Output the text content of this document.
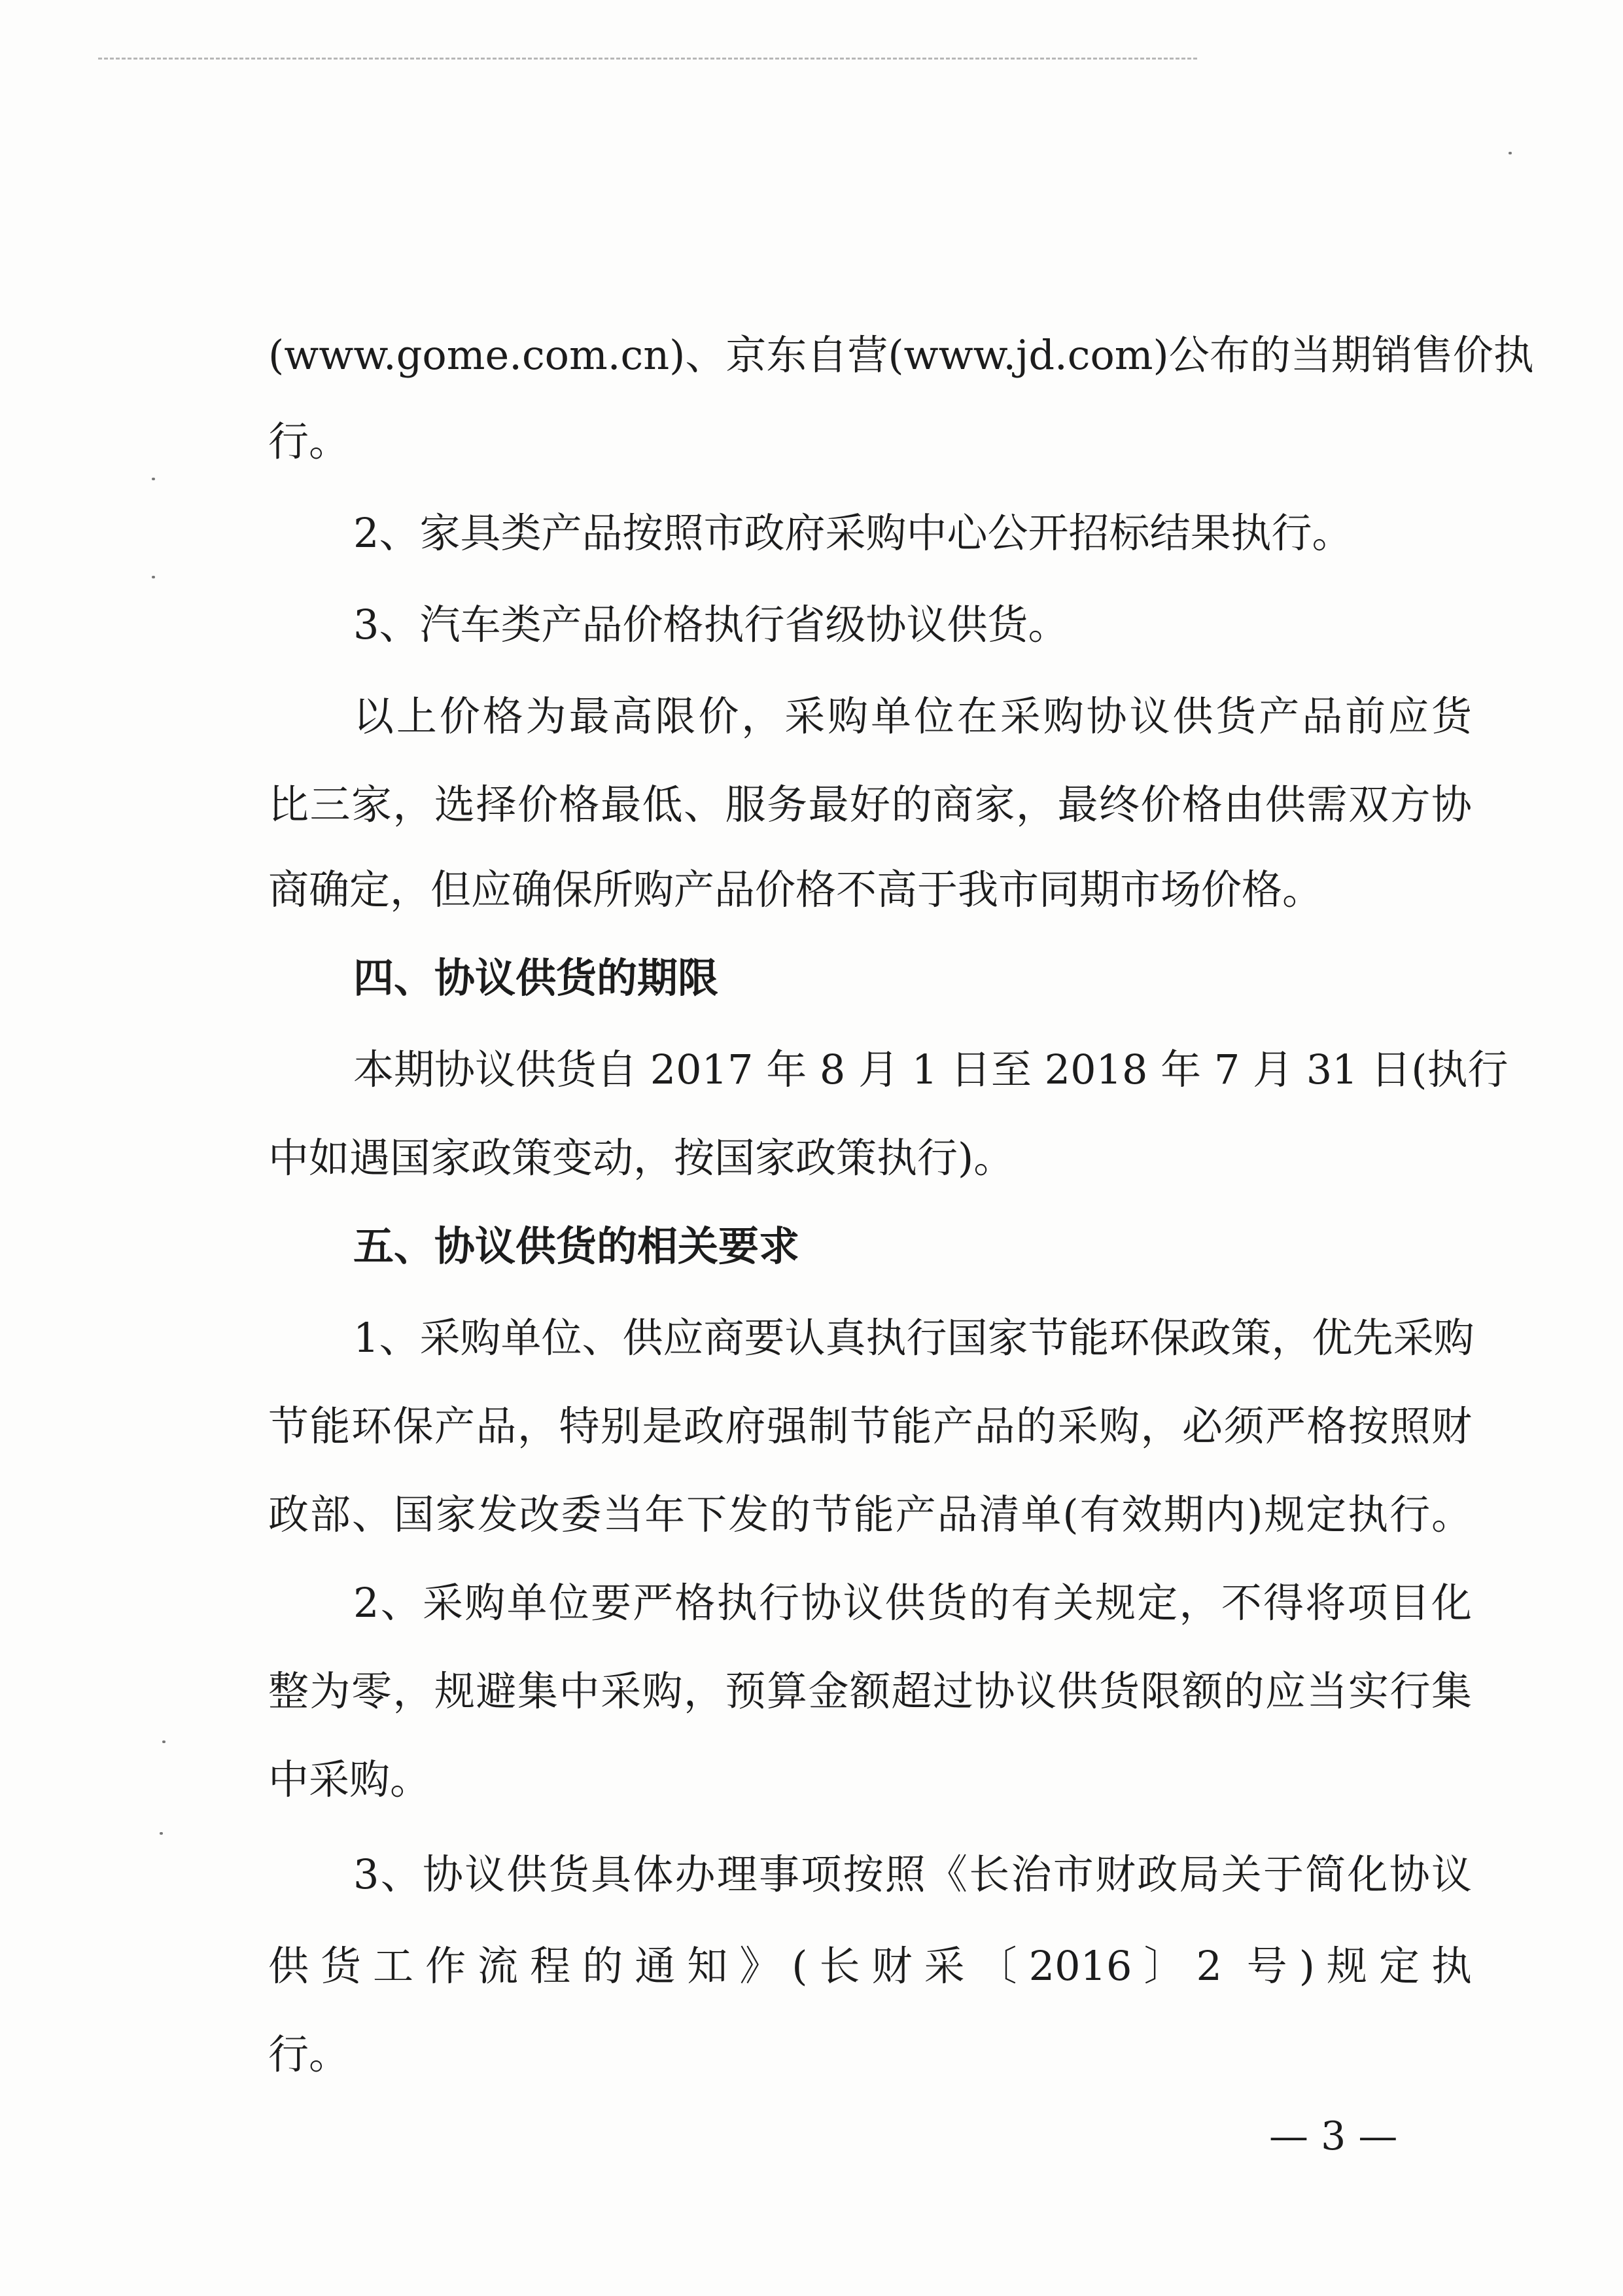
(www.gome.com.cn)、京东自营(www.jd.com)公布的当期销售价执
行。
2、家具类产品按照市政府采购中心公开招标结果执行。
3、汽车类产品价格执行省级协议供货。
以上价格为最高限价，采购单位在采购协议供货产品前应货
比三家，选择价格最低、服务最好的商家，最终价格由供需双方协
商确定，但应确保所购产品价格不高于我市同期市场价格。
四、协议供货的期限
本期协议供货自 2017 年 8 月 1 日至 2018 年 7 月 31 日(执行
中如遇国家政策变动，按国家政策执行)。
五、协议供货的相关要求
1、采购单位、供应商要认真执行国家节能环保政策，优先采购
节能环保产品，特别是政府强制节能产品的采购，必须严格按照财
政部、国家发改委当年下发的节能产品清单(有效期内)规定执行。
2、采购单位要严格执行协议供货的有关规定，不得将项目化
整为零，规避集中采购，预算金额超过协议供货限额的应当实行集
中采购。
3、协议供货具体办理事项按照《长治市财政局关于简化协议
供货工作流程的通知》(长财采〔2016〕2 号)规定执
行。
— 3 —
